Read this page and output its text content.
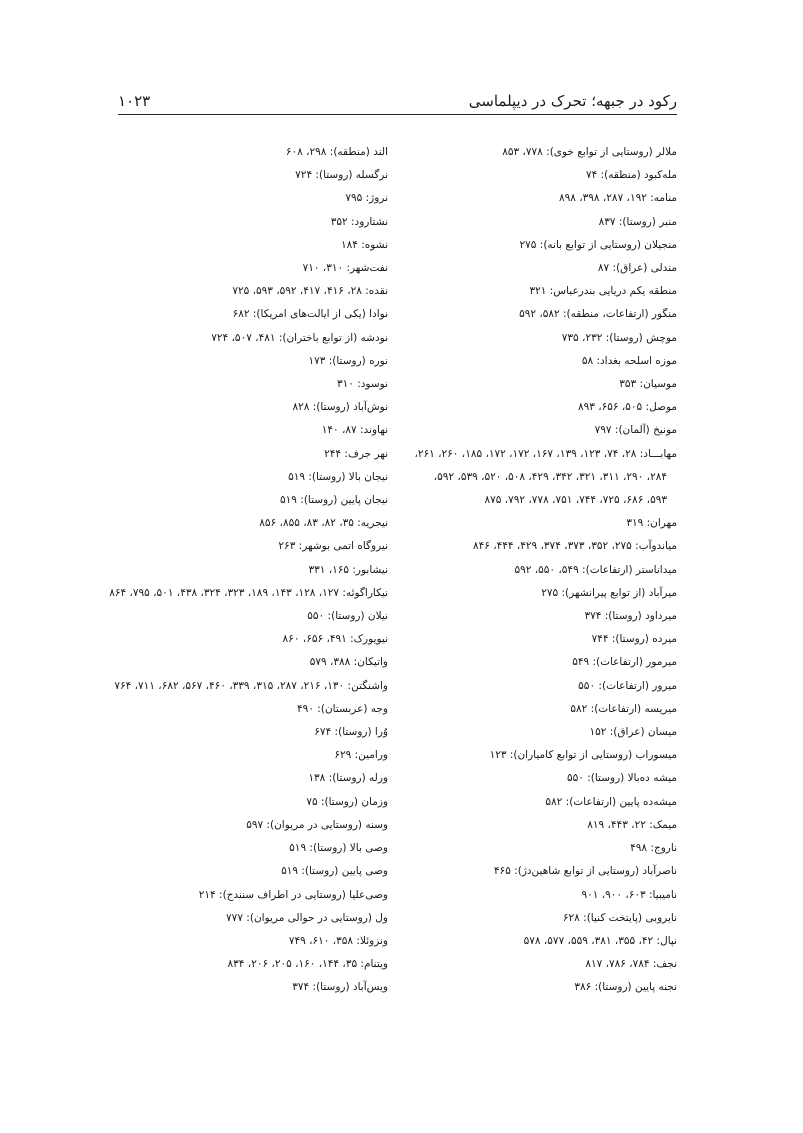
رکود در جبهه؛ تحرک در دیپلماسی
۱۰۲۳
ملالر (روستایی از توابع خوی): ۷۷۸، ۸۵۳
مله‌کبود (منطقه): ۷۴
منامه: ۱۹۲، ۲۸۷، ۳۹۸، ۸۹۸
منبر (روستا): ۸۳۷
منجیلان (روستایی از توابع بانه): ۲۷۵
مندلی (عراق): ۸۷
منطقه یکم دریایی بندرعباس: ۳۲۱
منگور (ارتفاعات، منطقه): ۵۸۲، ۵۹۲
موچش (روستا): ۲۳۲، ۷۳۵
موزه اسلحه بغداد: ۵۸
موسیان: ۳۵۳
موصل: ۵۰۵، ۶۵۶، ۸۹۳
مونیخ (آلمان): ۷۹۷
مهابـــاد: ۲۸، ۷۴، ۱۲۳، ۱۳۹، ۱۶۷، ۱۷۲، ۱۷۲، ۱۸۵، ۲۶۰، ۲۶۱،
۲۸۴، ۲۹۰، ۳۱۱، ۳۲۱، ۳۴۲، ۴۲۹، ۵۰۸، ۵۲۰، ۵۳۹، ۵۹۲،
۵۹۳، ۶۸۶، ۷۲۵، ۷۴۴، ۷۵۱، ۷۷۸، ۷۹۲، ۸۷۵
مهران: ۳۱۹
میاندوآب: ۲۷۵، ۳۵۲، ۳۷۳، ۳۷۴، ۴۲۹، ۴۴۴، ۸۴۶
میداناستر (ارتفاعات): ۵۴۹، ۵۵۰، ۵۹۲
میرآباد (از توابع پیرانشهر): ۲۷۵
میرداود (روستا): ۳۷۴
میرده (روستا): ۷۴۴
میرمور (ارتفاعات): ۵۴۹
میرور (ارتفاعات): ۵۵۰
میریسه (ارتفاعات): ۵۸۲
میسان (عراق): ۱۵۲
میسوراب (روستایی از توابع کامیاران): ۱۲۳
میشه ده‌بالا (روستا): ۵۵۰
میشه‌ده پایین (ارتفاعات): ۵۸۲
میمک: ۲۲، ۴۴۳، ۸۱۹
ناروج: ۴۹۸
ناصرآباد (روستایی از توابع شاهین‌دژ): ۴۶۵
نامیبیا: ۶۰۳، ۹۰۰، ۹۰۱
نایروبی (پایتخت کنیا): ۶۲۸
نپال: ۴۲، ۳۵۵، ۳۸۱، ۵۵۹، ۵۷۷، ۵۷۸
نجف: ۷۸۴، ۷۸۶، ۸۱۷
نجنه پایین (روستا): ۳۸۶
الند (منطقه): ۲۹۸، ۶۰۸
نرگسله (روستا): ۷۲۴
نروژ: ۷۹۵
نشتارود: ۳۵۲
نشوه: ۱۸۴
نفت‌شهر: ۳۱۰، ۷۱۰
نقده: ۲۸، ۴۱۶، ۴۱۷، ۵۹۲، ۵۹۳، ۷۲۵
نوادا (یکی از ایالت‌های امریکا): ۶۸۲
نودشه (از توابع باختران): ۴۸۱، ۵۰۷، ۷۲۴
نوره (روستا): ۱۷۳
نوسود: ۳۱۰
نوش‌آباد (روستا): ۸۲۸
نهاوند: ۸۷، ۱۴۰
نهر جرف: ۲۴۴
نیجان بالا (روستا): ۵۱۹
نیجان پایین (روستا): ۵۱۹
نیجریه: ۳۵، ۸۲، ۸۳، ۸۵۵، ۸۵۶
نیروگاه اتمی بوشهر: ۲۶۳
نیشابور: ۱۶۵، ۳۳۱
نیکاراگوئه: ۱۲۷، ۱۲۸، ۱۴۳، ۱۸۹، ۳۲۳، ۳۲۴، ۴۳۸، ۵۰۱، ۷۹۵، ۸۶۴
نیلان (روستا): ۵۵۰
نیویورک: ۴۹۱، ۶۵۶، ۸۶۰
واتیکان: ۳۸۸، ۵۷۹
واشنگتن: ۱۳۰، ۲۱۶، ۲۸۷، ۳۱۵، ۳۳۹، ۴۶۰، ۵۶۷، ۶۸۲، ۷۱۱، ۷۶۴
وجه (عربستان): ۴۹۰
وُرا (روستا): ۶۷۴
ورامین: ۶۲۹
ورله (روستا): ۱۳۸
وزمان (روستا): ۷۵
وسنه (روستایی در مریوان): ۵۹۷
وصی بالا (روستا): ۵۱۹
وصی پایین (روستا): ۵۱۹
وصی‌علیا (روستایی در اطراف سنندج): ۲۱۴
ول (روستایی در حوالی مریوان): ۷۷۷
ونزوئلا: ۳۵۸، ۶۱۰، ۷۴۹
ویتنام: ۳۵، ۱۴۴، ۱۶۰، ۲۰۵، ۲۰۶، ۸۳۴
ویس‌آباد (روستا): ۳۷۴
